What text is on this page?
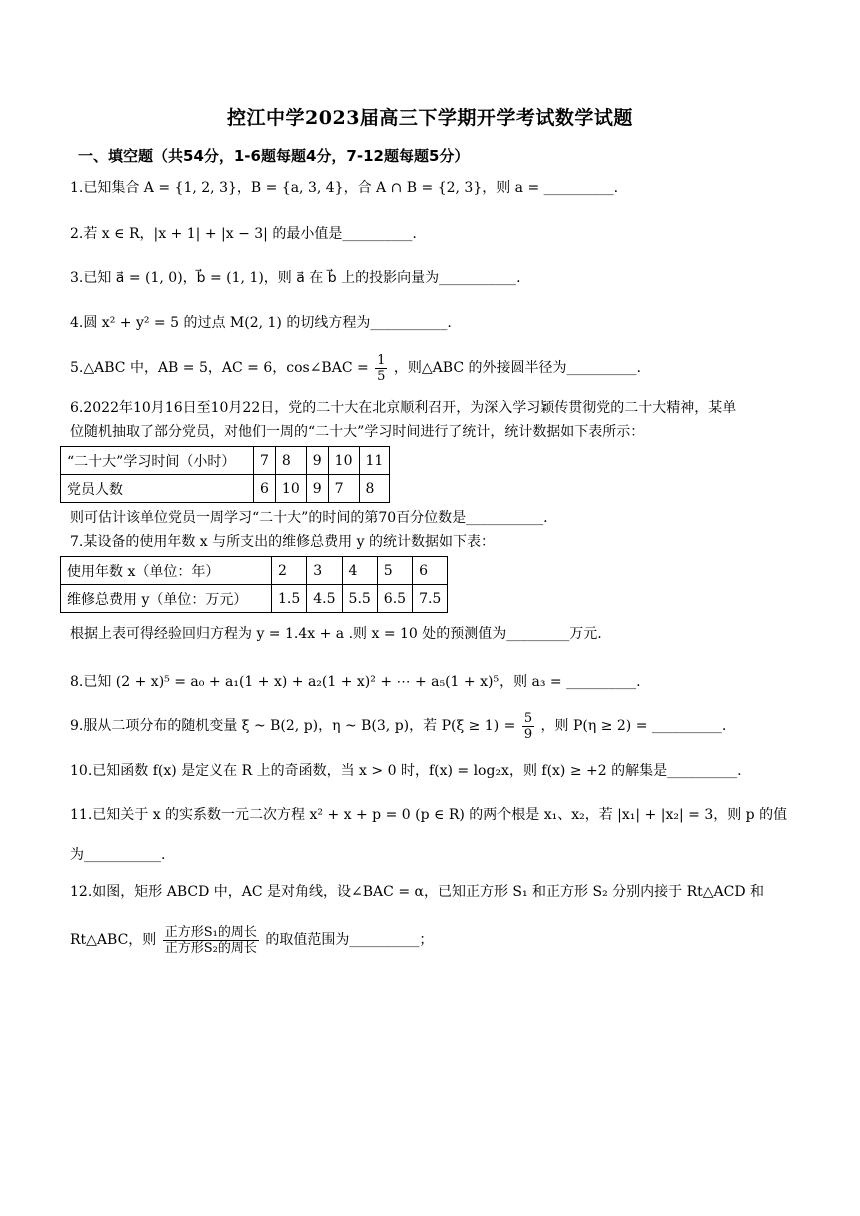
控江中学2023届高三下学期开学考试数学试题
一、填空题（共54分，1-6题每题4分，7-12题每题5分）
1.已知集合 A = {1, 2, 3}，B = {a, 3, 4}，合 A ∩ B = {2, 3}，则 a = __________.
2.若 x ∈ R，|x + 1| + |x − 3| 的最小值是__________.
3.已知 a⃗ = (1, 0)，b⃗ = (1, 1)，则 a⃗ 在 b⃗ 上的投影向量为___________.
4.圆 x² + y² = 5 的过点 M(2, 1) 的切线方程为___________.
5.△ABC 中，AB = 5，AC = 6，cos∠BAC = $\frac{1}{5}$ ，则△ABC 的外接圆半径为__________.
6.2022年10月16日至10月22日，党的二十大在北京顺利召开，为深入学习颖传贯彻党的二十大精神，某单
位随机抽取了部分党员，对他们一周的“二十大”学习时间进行了统计，统计数据如下表所示：
“二十大”学习时间（小时）	7	8	9	10	11
党员人数	6	10	9	7	8
则可估计该单位党员一周学习“二十大”的时间的第70百分位数是___________.
7.某设备的使用年数 x 与所支出的维修总费用 y 的统计数据如下表：
使用年数 x（单位：年）	2	3	4	5	6
维修总费用 y（单位：万元）	1.5	4.5	5.5	6.5	7.5
根据上表可得经验回归方程为 y = 1.4x + a .则 x = 10 处的预测值为_________万元.
8.已知 (2 + x)⁵ = a₀ + a₁(1 + x) + a₂(1 + x)² + ⋯ + a₅(1 + x)⁵，则 a₃ = __________.
9.服从二项分布的随机变量 ξ ~ B(2, p)，η ~ B(3, p)，若 $P(\xi \ge 1) = \frac{5}{9}$ ，则 P(η ≥ 2) = __________.
10.已知函数 f(x) 是定义在 R 上的奇函数，当 x > 0 时，f(x) = log₂x，则 f(x) ≥ +2 的解集是__________.
11.已知关于 x 的实系数一元二次方程 x² + x + p = 0 (p ∈ R) 的两个根是 x₁、x₂，若 |x₁| + |x₂| = 3，则 p 的值
为___________.
12.如图，矩形 ABCD 中，AC 是对角线，设∠BAC = α，已知正方形 S₁ 和正方形 S₂ 分别内接于 Rt△ACD 和
Rt△ABC，则 $\frac{\text{正方形S₁的周长}}{\text{正方形S₂的周长}}$ 的取值范围为__________；
